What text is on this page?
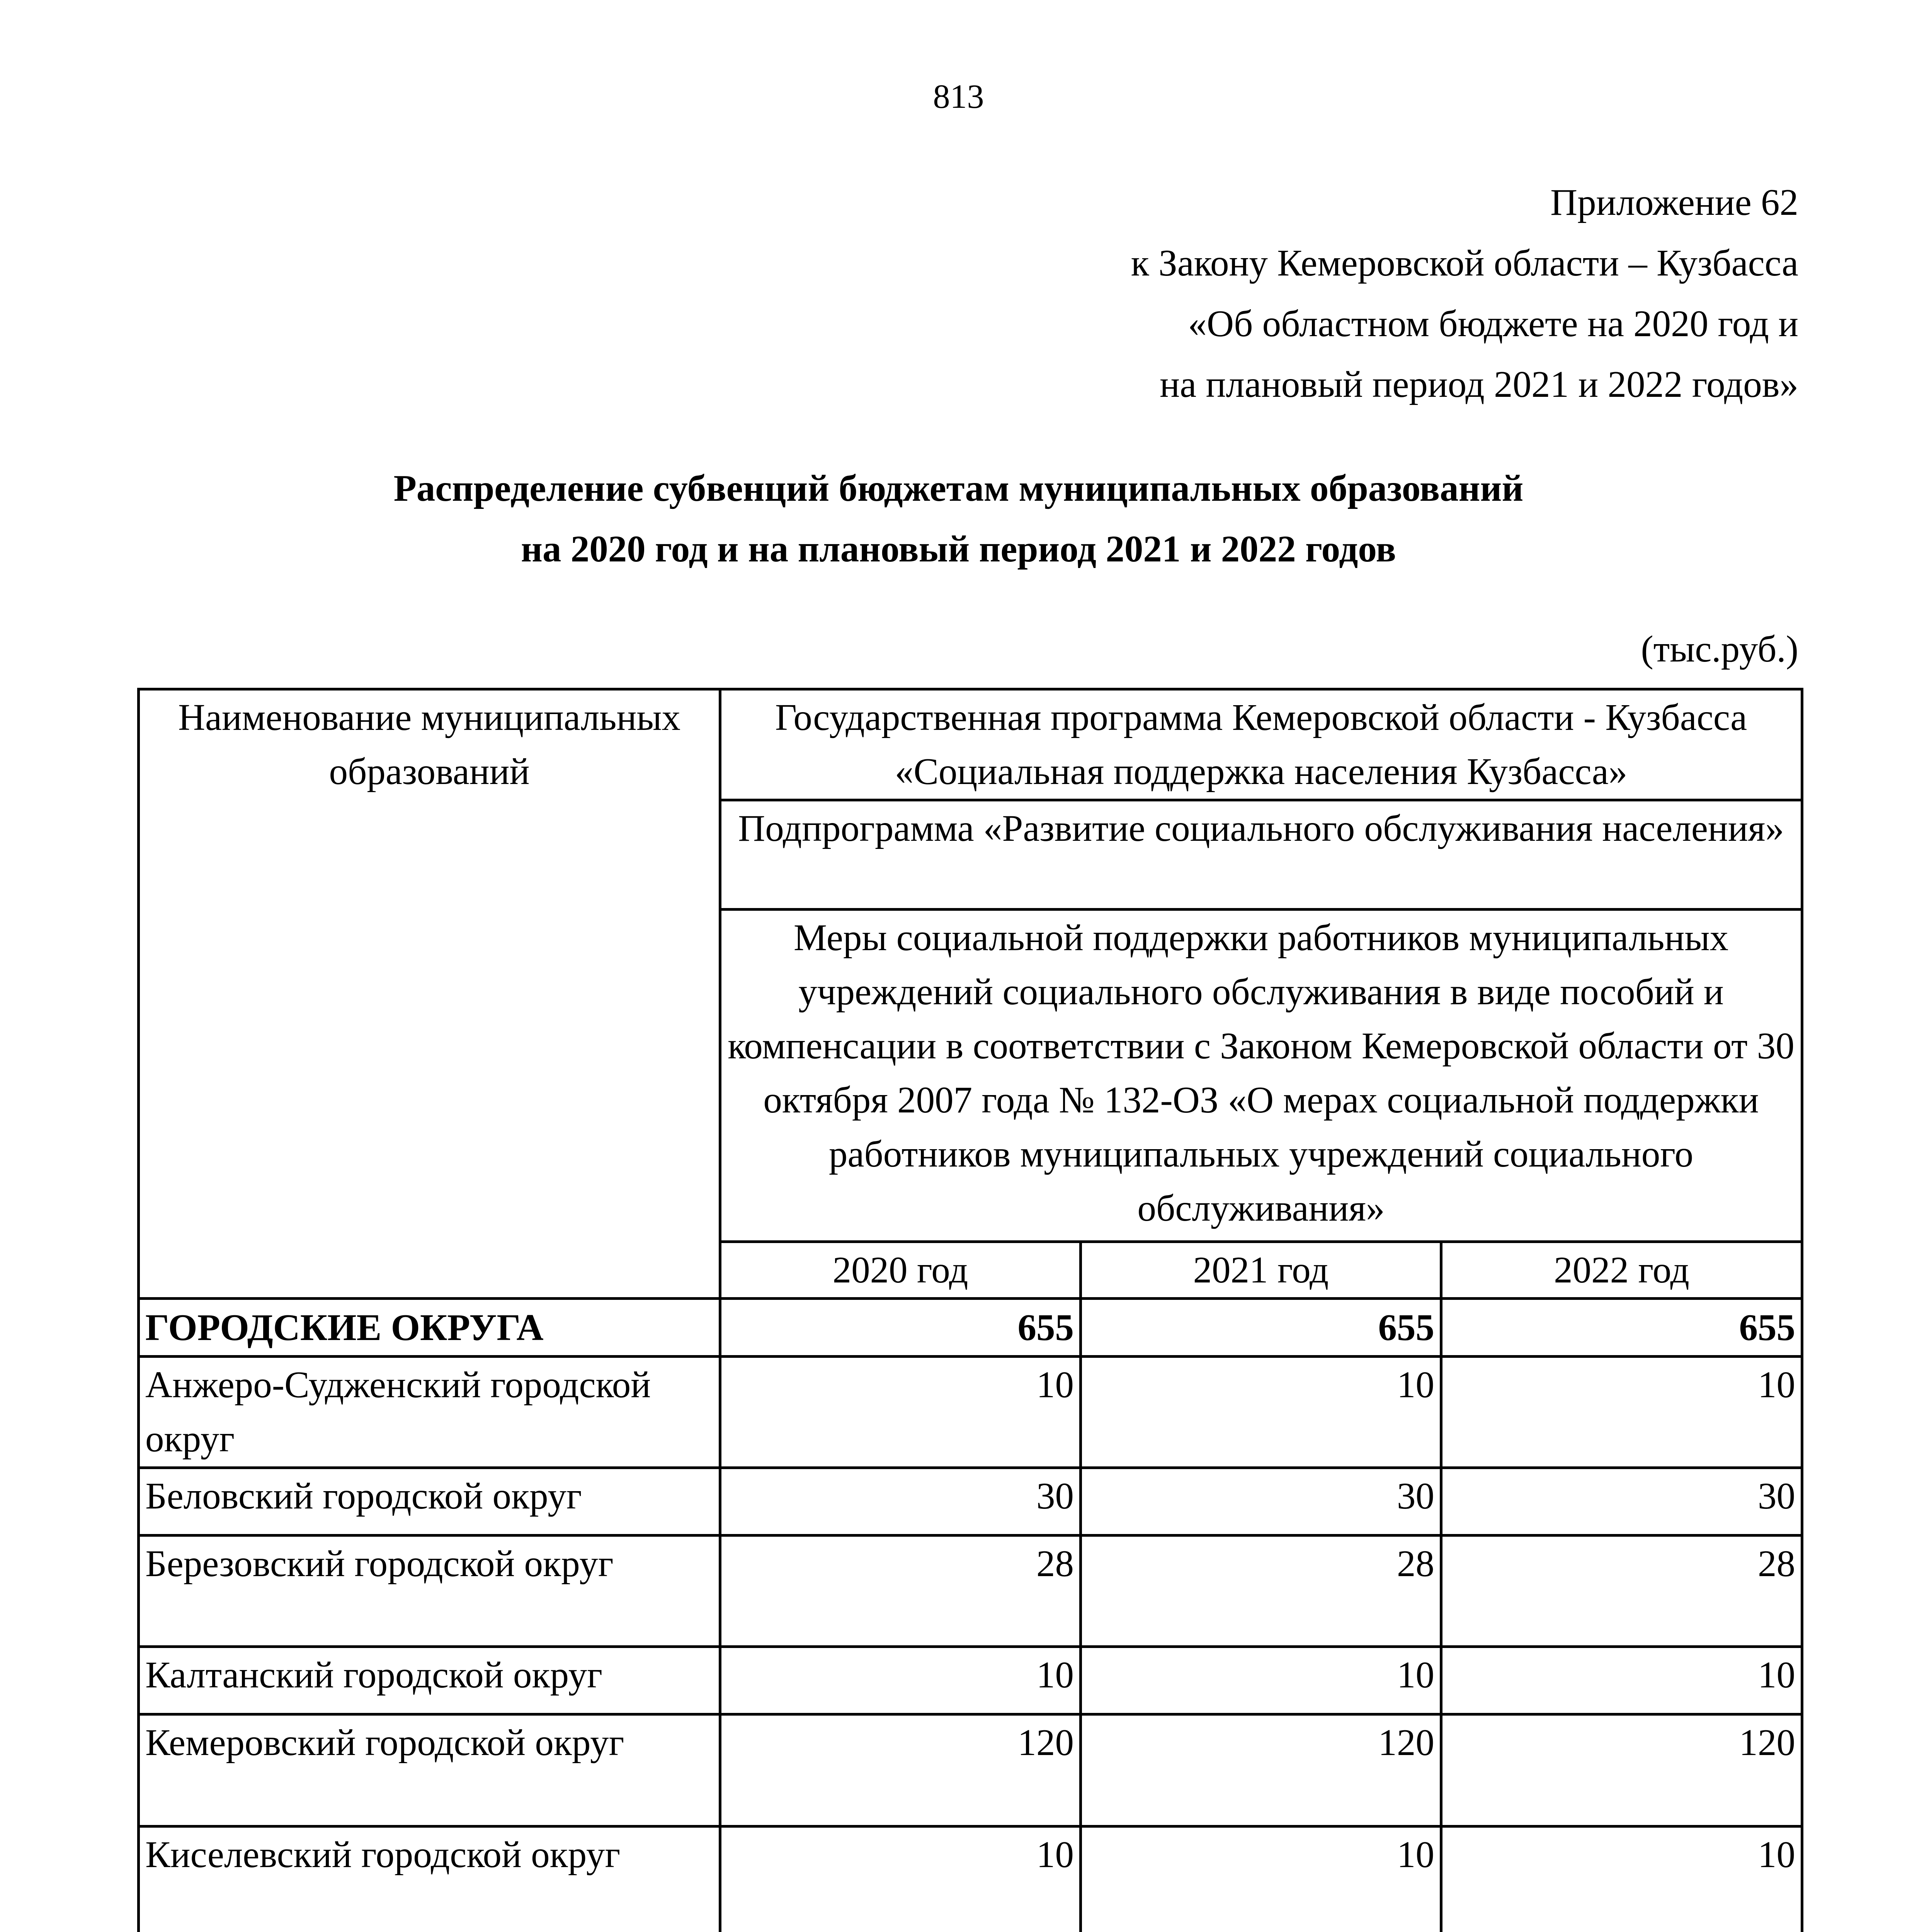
813
Приложение 62
к Закону Кемеровской области – Кузбасса
«Об областном бюджете на 2020 год и
на плановый период 2021 и 2022 годов»
Распределение субвенций бюджетам муниципальных образований
на 2020 год и на плановый период 2021 и 2022 годов
(тыс.руб.)
Наименование муниципальных образований	Государственная программа Кемеровской области - Кузбасса «Социальная поддержка населения Кузбасса»		
	Подпрограмма «Развитие социального обслуживания населения»		
	Меры социальной поддержки работников муниципальных учреждений социального обслуживания в виде пособий и компенсации в соответствии с Законом Кемеровской области от 30 октября 2007 года № 132-ОЗ «О мерах социальной поддержки работников муниципальных учреждений социального обслуживания»		
	2020 год	2021 год	2022 год
ГОРОДСКИЕ ОКРУГА	655	655	655
Анжеро-Судженский городской округ	10	10	10
Беловский городской округ	30	30	30
Березовский городской округ	28	28	28
Калтанский городской округ	10	10	10
Кемеровский городской округ	120	120	120
Киселевский городской округ	10	10	10
